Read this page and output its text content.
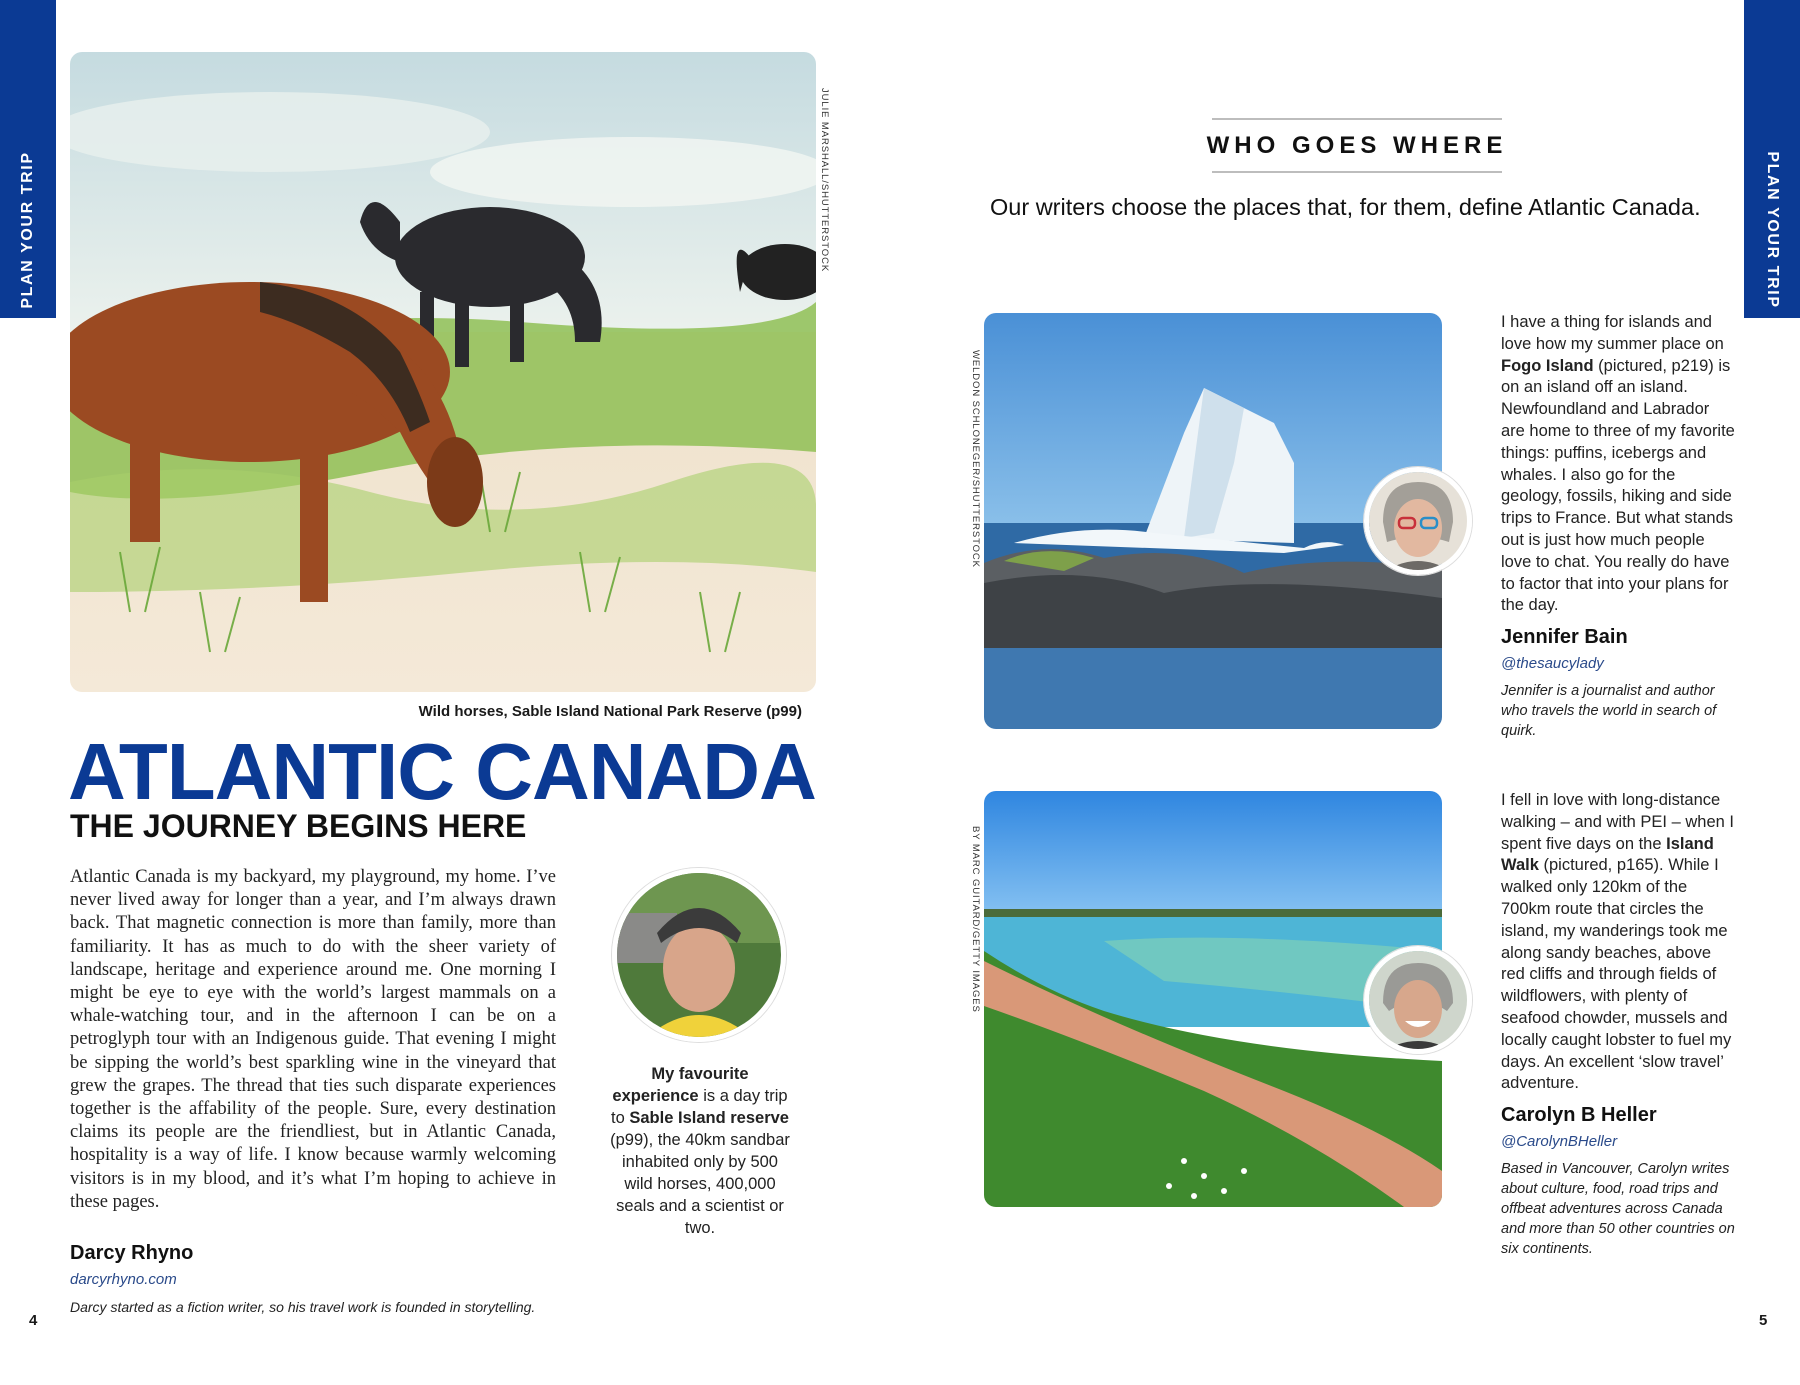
PLAN YOUR TRIP	PLAN YOUR TRIP
JULIE MARSHALL/SHUTTERSTOCK
Wild horses, Sable Island National Park Reserve (p99)
ATLANTIC CANADA
THE JOURNEY BEGINS HERE
Atlantic Canada is my backyard, my playground, my home. I’ve never lived away for longer than a year, and I’m always drawn back. That magnetic connection is more than family, more than familiarity. It has as much to do with the sheer variety of landscape, heritage and experience around me. One morning I might be eye to eye with the world’s largest mammals on a whale-watching tour, and in the afternoon I can be on a petroglyph tour with an Indigenous guide. That evening I might be sipping the world’s best sparkling wine in the vineyard that grew the grapes. The thread that ties such disparate experiences together is the affability of the people. Sure, every destination claims its people are the friendliest, but in Atlantic Canada, hospitality is a way of life. I know because warmly welcoming visitors is in my blood, and it’s what I’m hoping to achieve in these pages.
Darcy Rhyno
darcyrhyno.com
Darcy started as a fiction writer, so his travel work is founded in storytelling.
My favourite experience is a day trip to Sable Island reserve (p99), the 40km sandbar inhabited only by 500 wild horses, 400,000 seals and a scientist or two.
4
WHO GOES WHERE
Our writers choose the places that, for them, define Atlantic Canada.
WELDON SCHLONEGER/SHUTTERSTOCK
I have a thing for islands and love how my summer place on Fogo Island (pictured, p219) is on an island off an island. Newfoundland and Labrador are home to three of my favorite things: puffins, icebergs and whales. I also go for the geology, fossils, hiking and side trips to France. But what stands out is just how much people love to chat. You really do have to factor that into your plans for the day.
Jennifer Bain
@thesaucylady
Jennifer is a journalist and author who travels the world in search of quirk.
BY MARC GUITARD/GETTY IMAGES
I fell in love with long-distance walking – and with PEI – when I spent five days on the Island Walk (pictured, p165). While I walked only 120km of the 700km route that circles the island, my wanderings took me along sandy beaches, above red cliffs and through fields of wildflowers, with plenty of seafood chowder, mussels and locally caught lobster to fuel my days. An excellent ‘slow travel’ adventure.
Carolyn B Heller
@CarolynBHeller
Based in Vancouver, Carolyn writes about culture, food, road trips and offbeat adventures across Canada and more than 50 other countries on six continents.
5
